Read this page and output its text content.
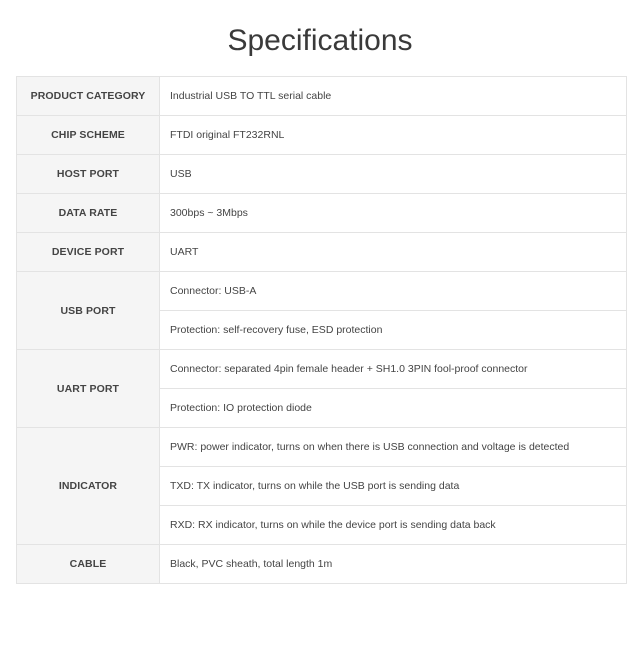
Specifications
PRODUCT CATEGORY	Industrial USB TO TTL serial cable
CHIP SCHEME	FTDI original FT232RNL
HOST PORT	USB
DATA RATE	300bps ~ 3Mbps
DEVICE PORT	UART
USB PORT	Connector: USB-A
	Protection: self-recovery fuse, ESD protection
UART PORT	Connector: separated 4pin female header + SH1.0 3PIN fool-proof connector
	Protection: IO protection diode
INDICATOR	PWR: power indicator, turns on when there is USB connection and voltage is detected
	TXD: TX indicator, turns on while the USB port is sending data
	RXD: RX indicator, turns on while the device port is sending data back
CABLE	Black, PVC sheath, total length 1m
